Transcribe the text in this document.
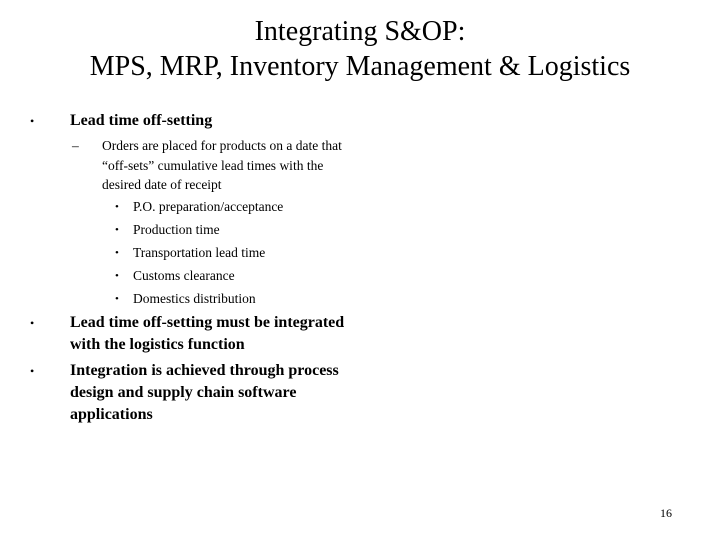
Integrating S&OP:
MPS, MRP, Inventory Management & Logistics
• Lead time off-setting
– Orders are placed for products on a date that “off-sets” cumulative lead times with the desired date of receipt
• P.O. preparation/acceptance
• Production time
• Transportation lead time
• Customs clearance
• Domestics distribution
• Lead time off-setting must be integrated with the logistics function
• Integration is achieved through process design and supply chain software applications
16
